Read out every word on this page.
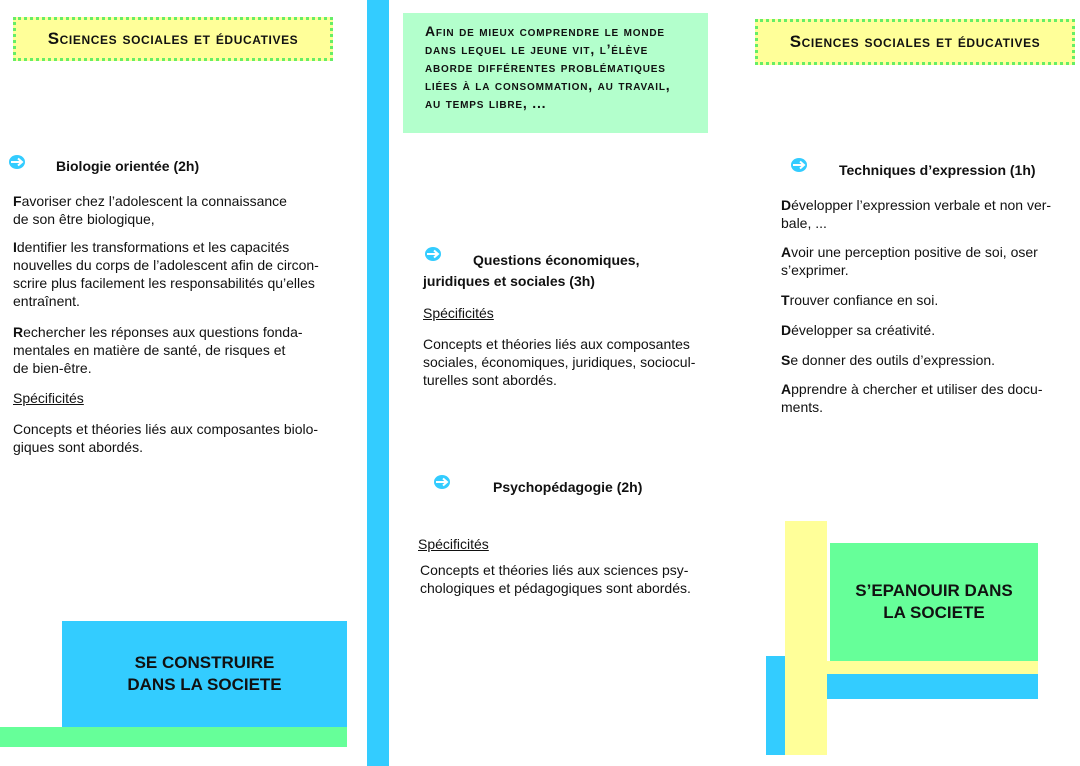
Sciences sociales et éducatives
Biologie orientée (2h)
Favoriser chez l’adolescent la connaissance
de son être biologique,
Identifier les transformations et les capacités
nouvelles du corps de l’adolescent afin de circon-
scrire plus facilement les responsabilités qu’elles
entraînent.
Rechercher les réponses aux questions fonda-
mentales en matière de santé, de risques et
de bien-être.
Spécificités
Concepts et théories liés aux composantes biolo-
giques sont abordés.
SE CONSTRUIRE
DANS LA SOCIETE
Afin de mieux comprendre le monde
dans lequel le jeune vit, l’élève
aborde différentes problématiques
liées à la consommation, au travail,
au temps libre, ...
Questions économiques,
juridiques et sociales (3h)
Spécificités
Concepts et théories liés aux composantes
sociales, économiques, juridiques, sociocul-
turelles sont abordés.
Psychopédagogie (2h)
Spécificités
Concepts et théories liés aux sciences psy-
chologiques et pédagogiques sont abordés.
Sciences sociales et éducatives
Techniques d’expression (1h)
Développer l’expression verbale et non ver-
bale, ...
Avoir une perception positive de soi, oser
s’exprimer.
Trouver confiance en soi.
Développer sa créativité.
Se donner des outils d’expression.
Apprendre à chercher et utiliser des docu-
ments.
S’EPANOUIR DANS
LA SOCIETE
